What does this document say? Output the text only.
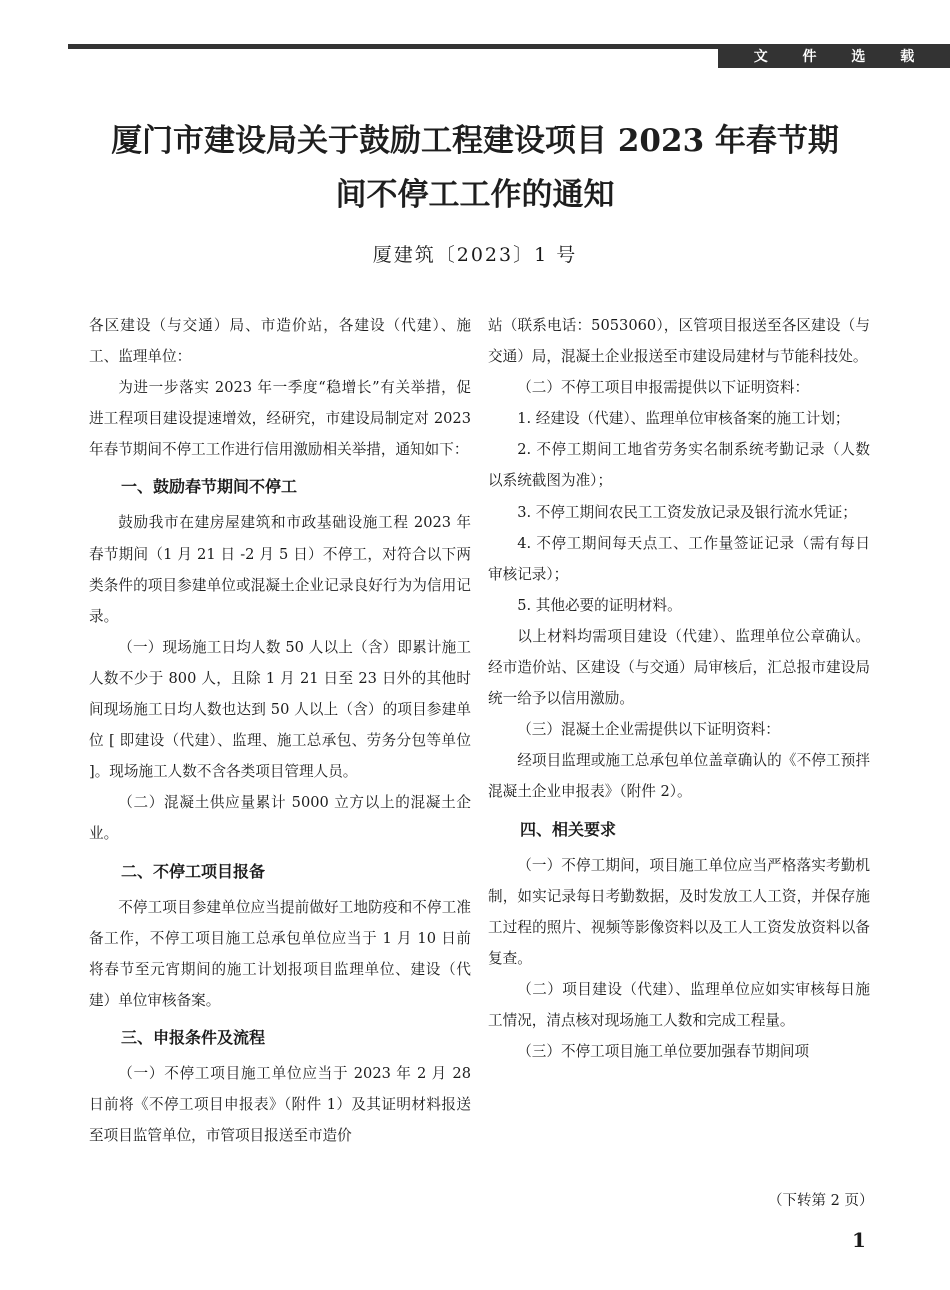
文 件 选 载
厦门市建设局关于鼓励工程建设项目 2023 年春节期
间不停工工作的通知
厦建筑〔2023〕1 号

各区建设（与交通）局、市造价站，各建设（代建）、施工、监理单位：

为进一步落实 2023 年一季度“稳增长”有关举措，促进工程项目建设提速增效，经研究，市建设局制定对 2023 年春节期间不停工工作进行信用激励相关举措，通知如下：

一、鼓励春节期间不停工

鼓励我市在建房屋建筑和市政基础设施工程 2023 年春节期间（1 月 21 日 -2 月 5 日）不停工，对符合以下两类条件的项目参建单位或混凝土企业记录良好行为为信用记录。

（一）现场施工日均人数 50 人以上（含）即累计施工人数不少于 800 人，且除 1 月 21 日至 23 日外的其他时间现场施工日均人数也达到 50 人以上（含）的项目参建单位 [ 即建设（代建）、监理、施工总承包、劳务分包等单位 ]。现场施工人数不含各类项目管理人员。

（二）混凝土供应量累计 5000 立方以上的混凝土企业。

二、不停工项目报备

不停工项目参建单位应当提前做好工地防疫和不停工准备工作，不停工项目施工总承包单位应当于 1 月 10 日前将春节至元宵期间的施工计划报项目监理单位、建设（代建）单位审核备案。

三、申报条件及流程

（一）不停工项目施工单位应当于 2023 年 2 月 28 日前将《不停工项目申报表》（附件 1）及其证明材料报送至项目监管单位，市管项目报送至市造价

站（联系电话：5053060），区管项目报送至各区建设（与交通）局，混凝土企业报送至市建设局建材与节能科技处。

（二）不停工项目申报需提供以下证明资料：

1. 经建设（代建）、监理单位审核备案的施工计划；

2. 不停工期间工地省劳务实名制系统考勤记录（人数以系统截图为准）；

3. 不停工期间农民工工资发放记录及银行流水凭证；

4. 不停工期间每天点工、工作量签证记录（需有每日审核记录）；

5. 其他必要的证明材料。

以上材料均需项目建设（代建）、监理单位公章确认。经市造价站、区建设（与交通）局审核后，汇总报市建设局统一给予以信用激励。

（三）混凝土企业需提供以下证明资料：

经项目监理或施工总承包单位盖章确认的《不停工预拌混凝土企业申报表》（附件 2）。

四、相关要求

（一）不停工期间，项目施工单位应当严格落实考勤机制，如实记录每日考勤数据，及时发放工人工资，并保存施工过程的照片、视频等影像资料以及工人工资发放资料以备复查。

（二）项目建设（代建）、监理单位应如实审核每日施工情况，清点核对现场施工人数和完成工程量。

（三）不停工项目施工单位要加强春节期间项

（下转第 2 页）
1
